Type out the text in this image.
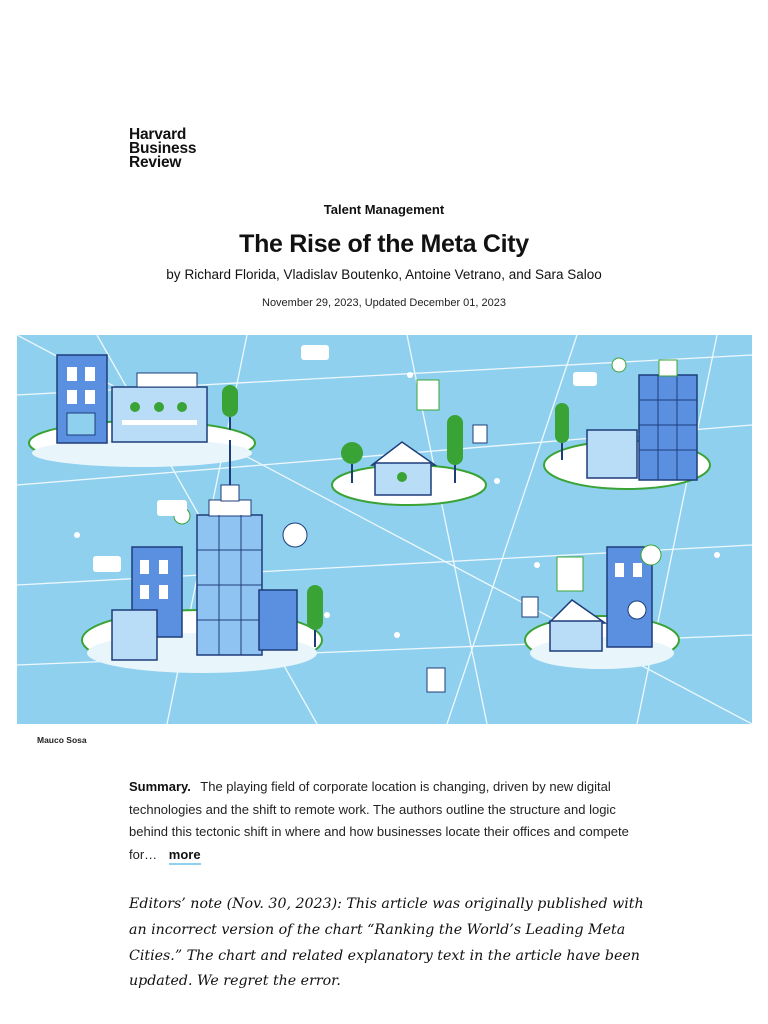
Harvard
Business
Review
Talent Management
The Rise of the Meta City
by Richard Florida, Vladislav Boutenko, Antoine Vetrano, and Sara Saloo
November 29, 2023, Updated December 01, 2023
Mauco Sosa
Summary. The playing field of corporate location is changing, driven by new digital technologies and the shift to remote work. The authors outline the structure and logic behind this tectonic shift in where and how businesses locate their offices and compete for… more
Editors’ note (Nov. 30, 2023): This article was originally published with an incorrect version of the chart “Ranking the World’s Leading Meta Cities.” The chart and related explanatory text in the article have been updated. We regret the error.
